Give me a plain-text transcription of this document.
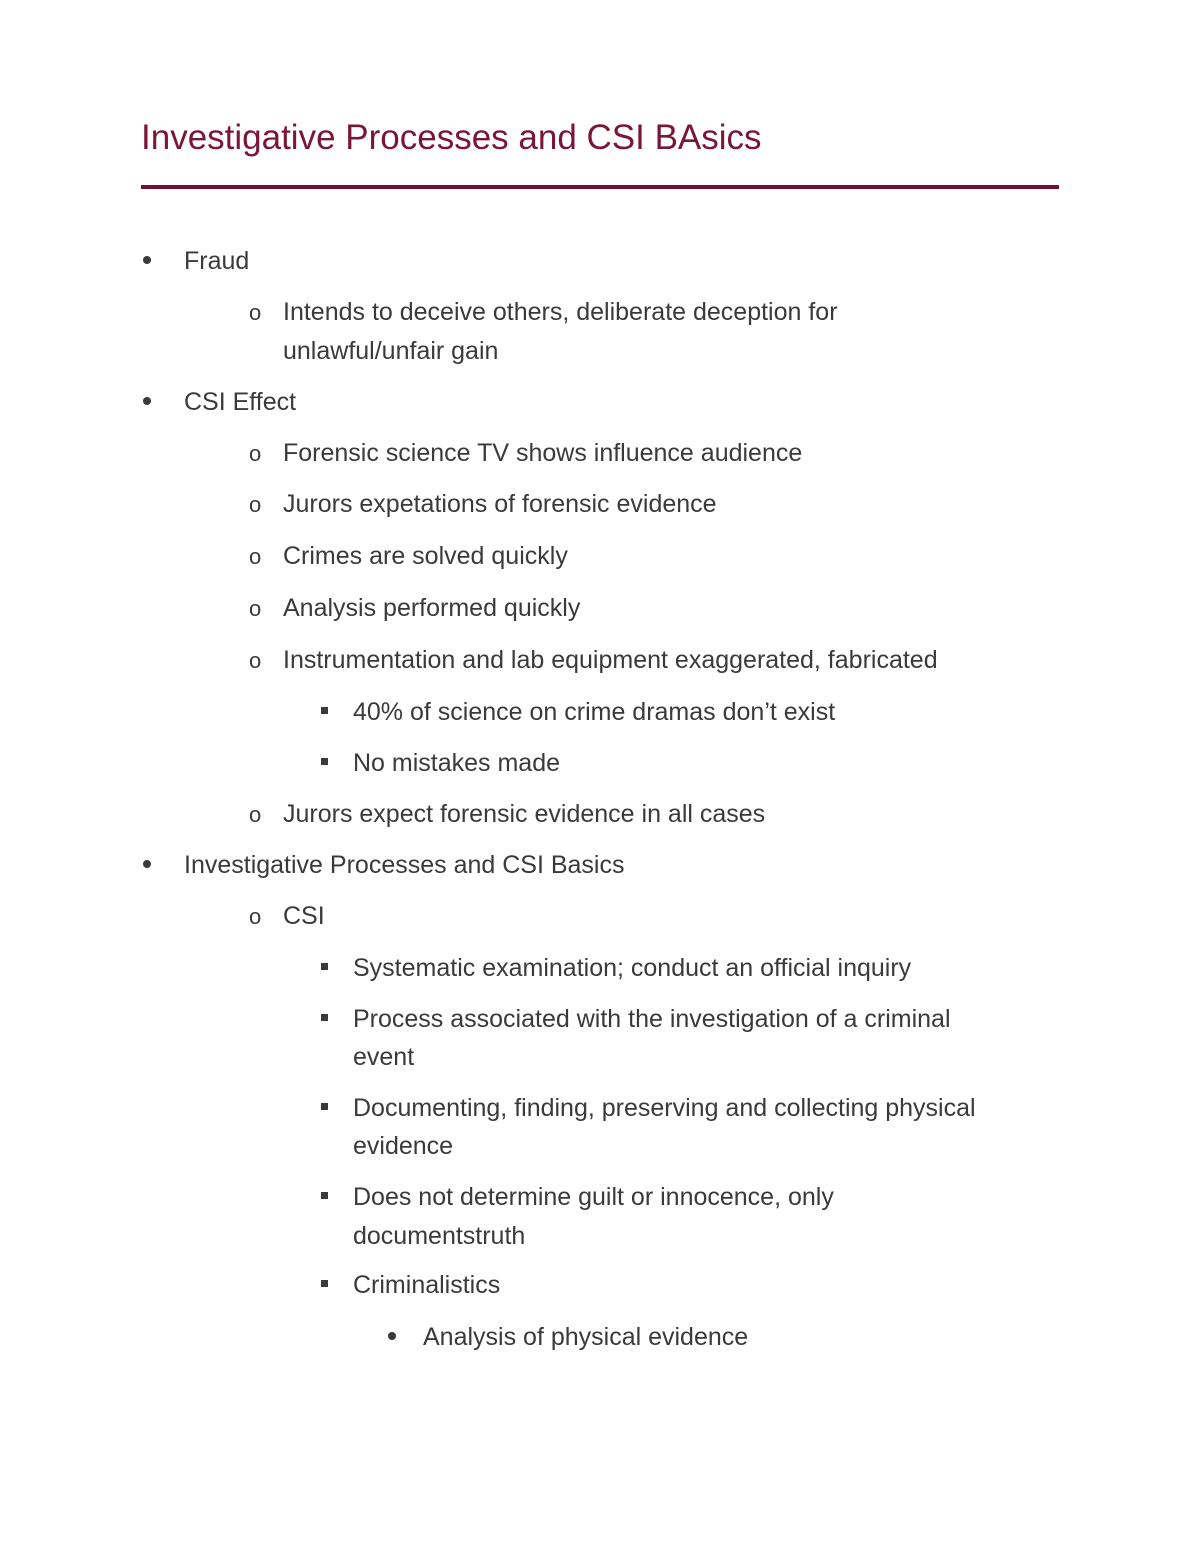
Investigative Processes and CSI BAsics
Fraud
o Intends to deceive others, deliberate deception for
unlawful/unfair gain
CSI Effect
o Forensic science TV shows influence audience
o Jurors expetations of forensic evidence
o Crimes are solved quickly
o Analysis performed quickly
o Instrumentation and lab equipment exaggerated, fabricated
40% of science on crime dramas don’t exist
No mistakes made
o Jurors expect forensic evidence in all cases
Investigative Processes and CSI Basics
o CSI
Systematic examination; conduct an official inquiry
Process associated with the investigation of a criminal
event
Documenting, finding, preserving and collecting physical
evidence
Does not determine guilt or innocence, only
documentstruth
Criminalistics
Analysis of physical evidence
